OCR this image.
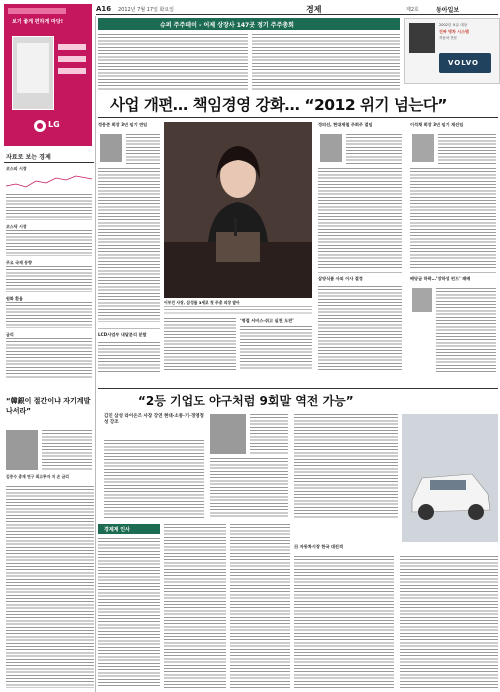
A16 2012년 7월 17일 화요일	경제	제2호	동아일보
보기 좋게 편하게 마당!
LG
자료로 보는 경제
코스피 시장
코스닥 시장
주요 국제 동향
원화 환율
금리
“韓銀이 절간이냐 자기계발 나서라”
슈퍼 주주데이 - 어제 상장사 147곳 정기 주주총회	2002년 보유 대상
진짜 명차 시스템
자동차 전문
VOLVO
사업 개편… 책임경영 강화… “2012 위기 넘는다”
정몽준 회장 3년 임기 연임
LCD사업부 내달분리 분할
이부진 사장, 삼성물 3세로 첫 주총 의장 맡아
‘명절 서비스-쥐고 실천 도전’
정의선, 현대제철 주회주 결임
삼양식품 사외 이사 결정
이석채 회장 3년 임기 재선임
배당금 하락…‘장하성 펀드’ 패배
“2등 기업도 야구처럼 9회말 역전 가능”
김인 삼성 라이온즈 사장 강연 현대·소통·기·경영정성 강조
日 자동차시장 한국 대진격
경제계 인사
김중수 총재 연구 최고투자 지 손 금리
